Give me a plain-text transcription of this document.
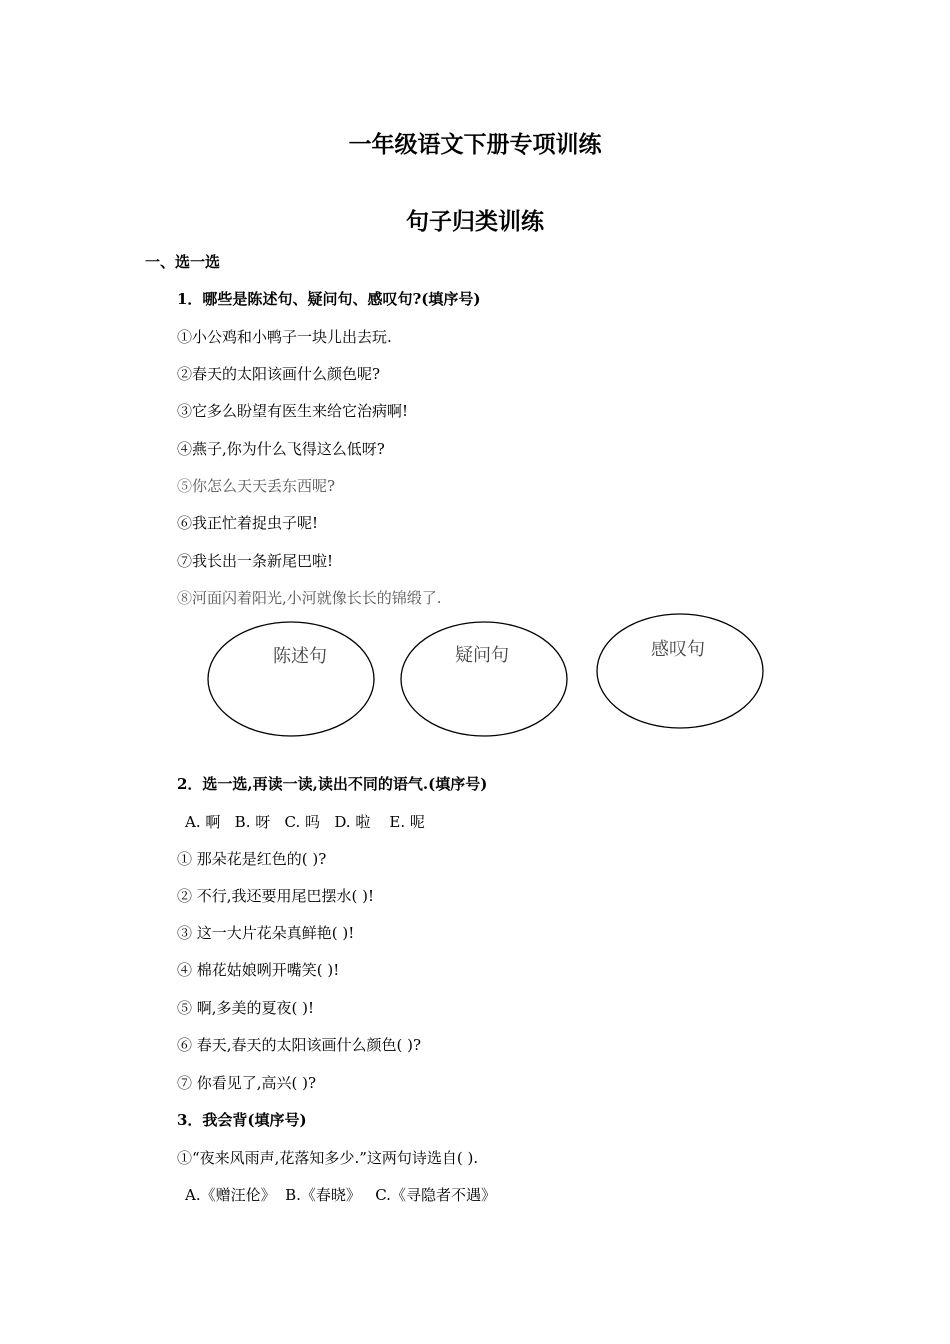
一年级语文下册专项训练
句子归类训练

一、选一选

1．哪些是陈述句、疑问句、感叹句?(填序号)

①小公鸡和小鸭子一块儿出去玩.

②春天的太阳该画什么颜色呢?

③它多么盼望有医生来给它治病啊!

④燕子,你为什么飞得这么低呀?

⑤你怎么天天丢东西呢?

⑥我正忙着捉虫子呢!

⑦我长出一条新尾巴啦!

⑧河面闪着阳光,小河就像长长的锦缎了.

陈述句	疑问句	感叹句

2．选一选,再读一读,读出不同的语气.(填序号)

A. 啊   B. 呀   C. 吗   D. 啦    E. 呢

① 那朵花是红色的( )?

② 不行,我还要用尾巴摆水( )!

③ 这一大片花朵真鲜艳( )!

④ 棉花姑娘咧开嘴笑( )!

⑤ 啊,多美的夏夜( )!

⑥ 春天,春天的太阳该画什么颜色( )?

⑦ 你看见了,高兴( )?

3．我会背(填序号)

①“夜来风雨声,花落知多少.”这两句诗选自( ).

A.《赠汪伦》  B.《春晓》   C.《寻隐者不遇》
